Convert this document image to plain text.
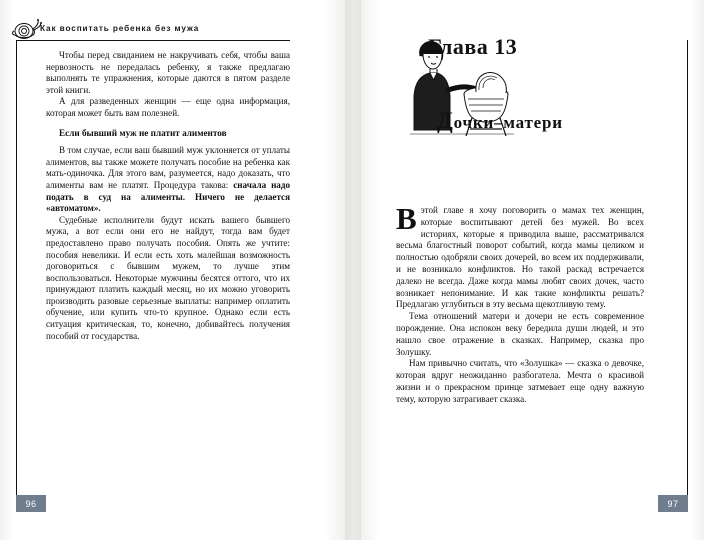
Как воспитать ребенка без мужа

Чтобы перед свиданием не накручивать себя, чтобы ваша нервозность не передалась ребенку, я также предлагаю выполнять те упражнения, которые даются в пятом разделе этой книги.

А для разведенных женщин — еще одна информация, которая может быть вам полезней.

Если бывший муж не платит алиментов

В том случае, если ваш бывший муж уклоняется от уплаты алиментов, вы также можете получать пособие на ребенка как мать-одиночка. Для этого вам, разумеется, надо доказать, что алименты вам не платят. Процедура такова: сначала надо подать в суд на алименты. Ничего не делается «автоматом».

Судебные исполнители будут искать вашего бывшего мужа, а вот если они его не найдут, тогда вам будет предоставлено право получать пособия. Опять же учтите: пособия невелики. И если есть хоть малейшая возможность договориться с бывшим мужем, то лучше этим воспользоваться. Некоторые мужчины бесятся оттого, что их принуждают платить каждый месяц, но их можно уговорить производить разовые серьезные выплаты: например оплатить обучение, или купить что-то крупное. Однако если есть ситуация критическая, то, конечно, добивайтесь получения пособий от государства.

96
Глава 13
Дочки–матери

Вэтой главе я хочу поговорить о мамах тех женщин, которые воспитывают детей без мужей. Во всех историях, которые я приводила выше, рассматривался весьма благостный поворот событий, когда мамы целиком и полностью одобряли своих дочерей, во всем их поддерживали, и не возникало конфликтов. Но такой раскад встречается далеко не всегда. Даже когда мамы любят своих дочек, часто возникает непонимание. И как такие конфликты решать? Предлагаю углубиться в эту весьма щекотливую тему.

Тема отношений матери и дочери не есть современное порождение. Она испокон веку бередила души людей, и это нашло свое отражение в сказках. Например, сказка про Золушку.

Нам привычно считать, что «Золушка» — сказка о девочке, которая вдруг неожиданно разбогатела. Мечта о красивой жизни и о прекрасном принце затмевает еще одну важную тему, которую затрагивает сказка.

97
